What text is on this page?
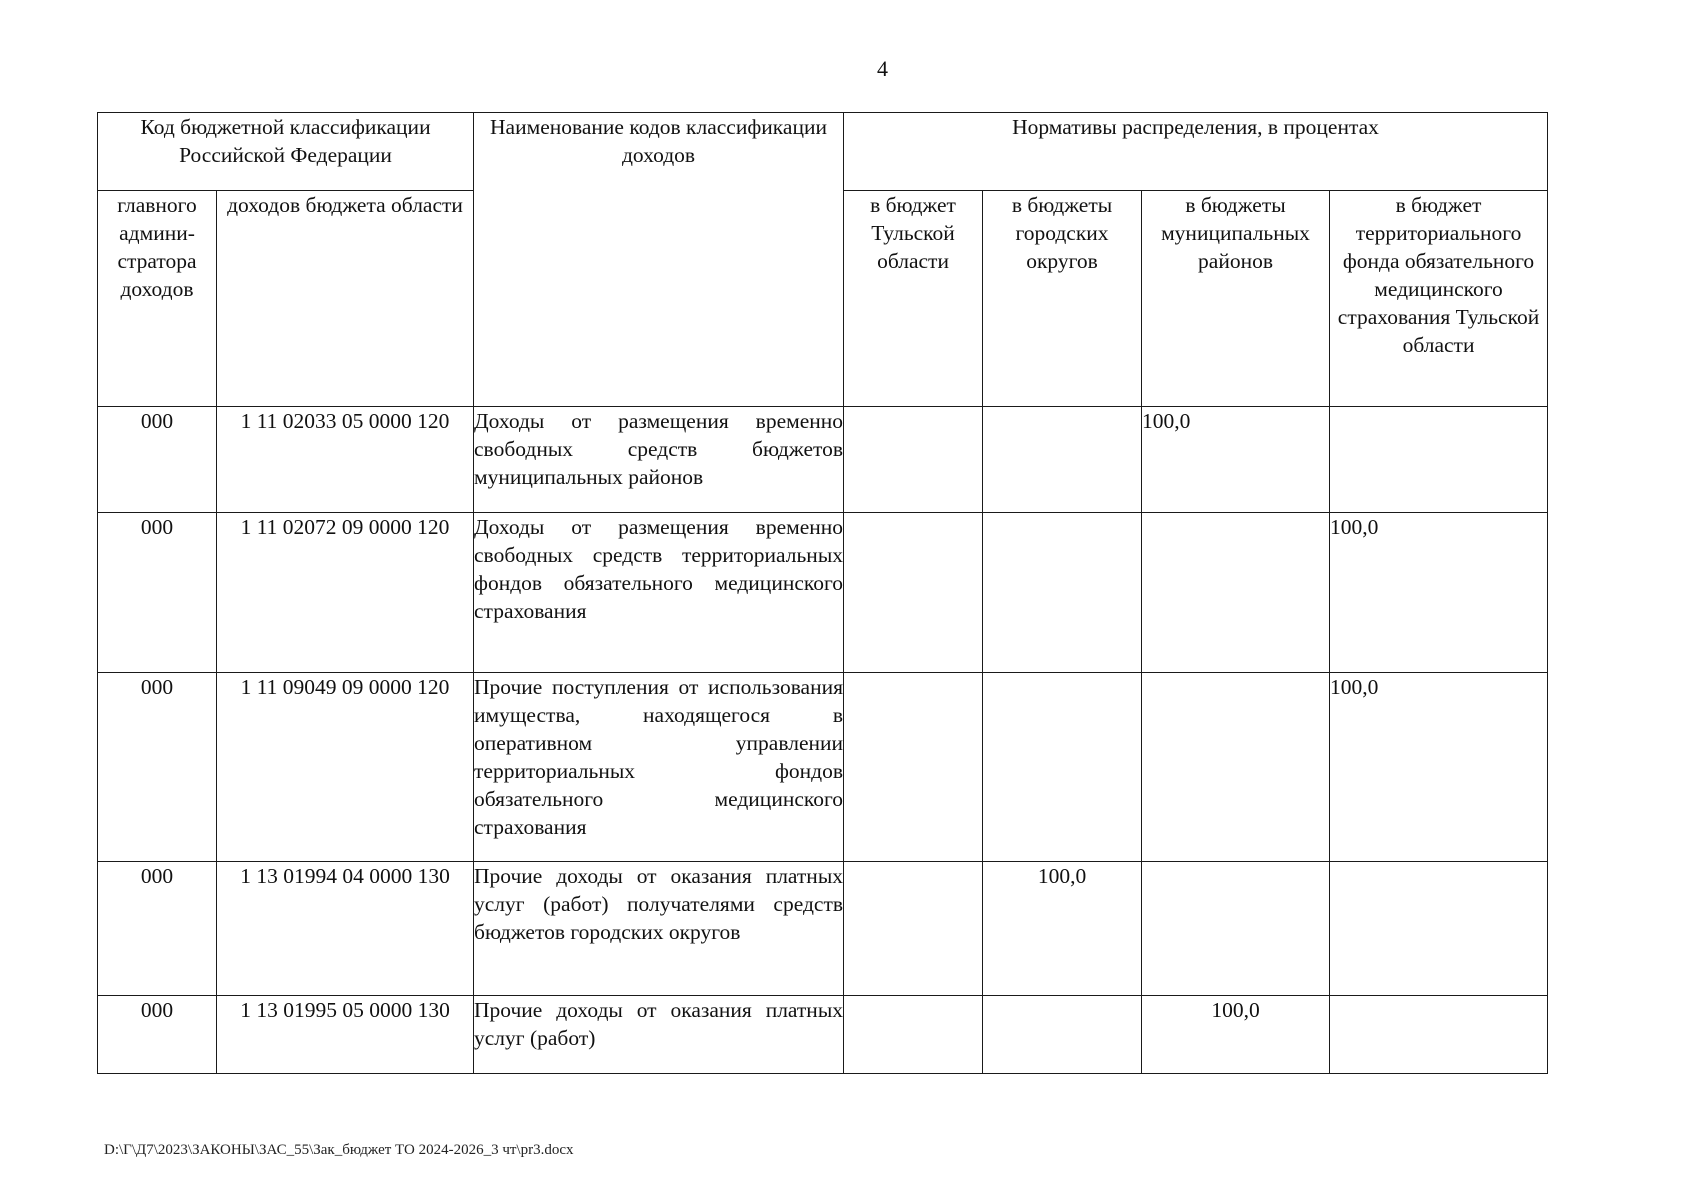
4
Код бюджетной классификации Российской Федерации		Наименование кодов классификации доходов	Нормативы распределения, в процентах			
главного админи-стратора доходов	доходов бюджета области		в бюджет Тульской области	в бюджеты городских округов	в бюджеты муниципальных районов	в бюджет территориального фонда обязательного медицинского страхования Тульской области
000	1 11 02033 05 0000 120	Доходы от размещения временно свободных средств бюджетов муниципальных районов			100,0	
000	1 11 02072 09 0000 120	Доходы от размещения временно свободных средств территориальных фондов обязательного медицинского страхования				100,0
000	1 11 09049 09 0000 120	Прочие поступления от использования имущества, находящегося в оперативном управлении территориальных фондов обязательного медицинского страхования				100,0
000	1 13 01994 04 0000 130	Прочие доходы от оказания платных услуг (работ) получателями средств бюджетов городских округов		100,0		
000	1 13 01995 05 0000 130	Прочие доходы от оказания платных услуг (работ)			100,0	
D:\Г\Д7\2023\ЗАКОНЫ\ЗАС_55\Зак_бюджет ТО 2024-2026_3 чт\pr3.docx
